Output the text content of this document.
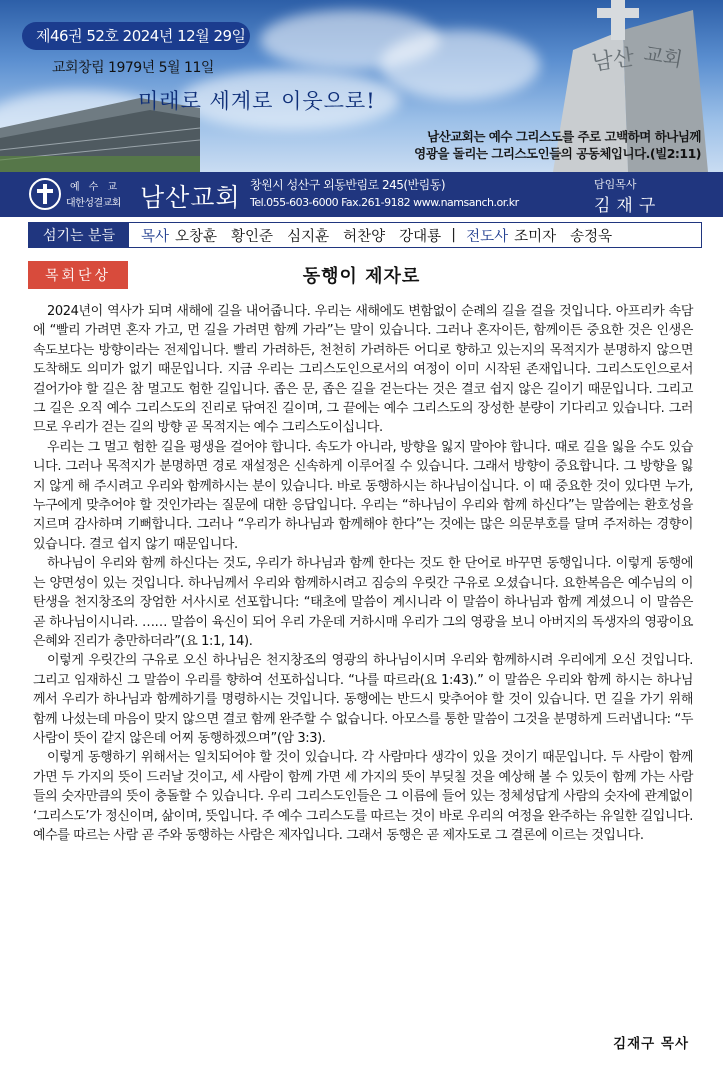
남산 교회
제46권 52호 2024년 12월 29일
교회창립 1979년 5월 11일
미래로 세계로 이웃으로!
남산교회는 예수 그리스도를 주로 고백하며 하나님께
영광을 돌리는 그리스도인들의 공동체입니다.(빌2:11)
예수교
대한성결교회 남산교회 창원시 성산구 외동반림로 245(반림동)
Tel.055-603-6000 Fax.261-9182 www.namsanch.or.kr
담임목사
김재구
섬기는 분들	목사 오창훈 황인준 심지훈 허찬양 강대룡 | 전도사 조미자 송정욱
목회단상	동행이 제자로

2024년이 역사가 되며 새해에 길을 내어줍니다. 우리는 새해에도 변함없이 순례의 길을 걸을 것입니다. 아프리카 속담에 “빨리 가려면 혼자 가고, 먼 길을 가려면 함께 가라”는 말이 있습니다. 그러나 혼자이든, 함께이든 중요한 것은 인생은 속도보다는 방향이라는 전제입니다. 빨리 가려하든, 천천히 가려하든 어디로 향하고 있는지의 목적지가 분명하지 않으면 도착해도 의미가 없기 때문입니다. 지금 우리는 그리스도인으로서의 여정이 이미 시작된 존재입니다. 그리스도인으로서 걸어가야 할 길은 참 멀고도 험한 길입니다. 좁은 문, 좁은 길을 걷는다는 것은 결코 쉽지 않은 길이기 때문입니다. 그리고 그 길은 오직 예수 그리스도의 진리로 닦여진 길이며, 그 끝에는 예수 그리스도의 장성한 분량이 기다리고 있습니다. 그러므로 우리가 걷는 길의 방향 곧 목적지는 예수 그리스도이십니다.

우리는 그 멀고 험한 길을 평생을 걸어야 합니다. 속도가 아니라, 방향을 잃지 말아야 합니다. 때로 길을 잃을 수도 있습니다. 그러나 목적지가 분명하면 경로 재설정은 신속하게 이루어질 수 있습니다. 그래서 방향이 중요합니다. 그 방향을 잃지 않게 해 주시려고 우리와 함께하시는 분이 있습니다. 바로 동행하시는 하나님이십니다. 이 때 중요한 것이 있다면 누가, 누구에게 맞추어야 할 것인가라는 질문에 대한 응답입니다. 우리는 “하나님이 우리와 함께 하신다”는 말씀에는 환호성을 지르며 감사하며 기뻐합니다. 그러나 “우리가 하나님과 함께해야 한다”는 것에는 많은 의문부호를 달며 주저하는 경향이 있습니다. 결코 쉽지 않기 때문입니다.

하나님이 우리와 함께 하신다는 것도, 우리가 하나님과 함께 한다는 것도 한 단어로 바꾸면 동행입니다. 이렇게 동행에는 양면성이 있는 것입니다. 하나님께서 우리와 함께하시려고 짐승의 우릿간 구유로 오셨습니다. 요한복음은 예수님의 이 탄생을 천지창조의 장엄한 서사시로 선포합니다: “태초에 말씀이 계시니라 이 말씀이 하나님과 함께 계셨으니 이 말씀은 곧 하나님이시니라. …… 말씀이 육신이 되어 우리 가운데 거하시매 우리가 그의 영광을 보니 아버지의 독생자의 영광이요 은혜와 진리가 충만하더라”(요 1:1, 14).

이렇게 우릿간의 구유로 오신 하나님은 천지창조의 영광의 하나님이시며 우리와 함께하시려 우리에게 오신 것입니다. 그리고 임재하신 그 말씀이 우리를 향하여 선포하십니다. “나를 따르라(요 1:43).” 이 말씀은 우리와 함께 하시는 하나님께서 우리가 하나님과 함께하기를 명령하시는 것입니다. 동행에는 반드시 맞추어야 할 것이 있습니다. 먼 길을 가기 위해 함께 나섰는데 마음이 맞지 않으면 결코 함께 완주할 수 없습니다. 아모스를 통한 말씀이 그것을 분명하게 드러냅니다: “두 사람이 뜻이 같지 않은데 어찌 동행하겠으며”(암 3:3).

이렇게 동행하기 위해서는 일치되어야 할 것이 있습니다. 각 사람마다 생각이 있을 것이기 때문입니다. 두 사람이 함께 가면 두 가지의 뜻이 드러날 것이고, 세 사람이 함께 가면 세 가지의 뜻이 부딪칠 것을 예상해 볼 수 있듯이 함께 가는 사람들의 숫자만큼의 뜻이 충돌할 수 있습니다. 우리 그리스도인들은 그 이름에 들어 있는 정체성답게 사람의 숫자에 관계없이 ‘그리스도’가 정신이며, 삶이며, 뜻입니다. 주 예수 그리스도를 따르는 것이 바로 우리의 여정을 완주하는 유일한 길입니다. 예수를 따르는 사람 곧 주와 동행하는 사람은 제자입니다. 그래서 동행은 곧 제자도로 그 결론에 이르는 것입니다.

김재구 목사
